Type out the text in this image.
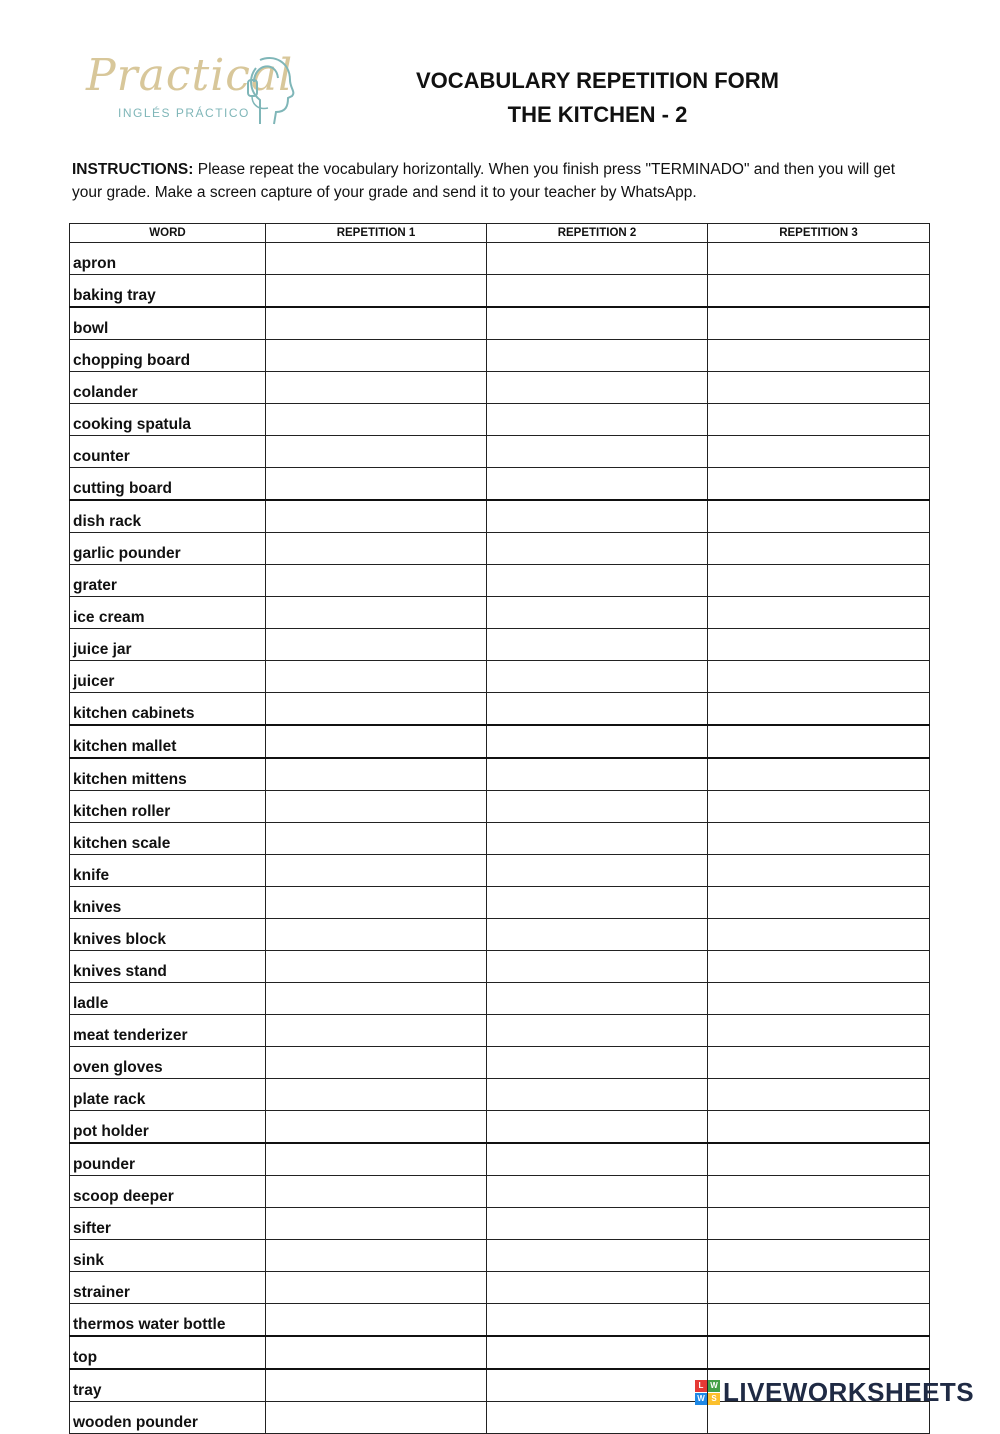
Practical
INGLÉS PRÁCTICO
VOCABULARY REPETITION FORM
THE KITCHEN - 2
INSTRUCTIONS: Please repeat the vocabulary horizontally. When you finish press "TERMINADO" and then you will get your grade. Make a screen capture of your grade and send it to your teacher by WhatsApp.
WORD	REPETITION 1	REPETITION 2	REPETITION 3
apron			
baking tray			
bowl			
chopping board			
colander			
cooking spatula			
counter			
cutting board			
dish rack			
garlic pounder			
grater			
ice cream			
juice jar			
juicer			
kitchen cabinets			
kitchen mallet			
kitchen mittens			
kitchen roller			
kitchen scale			
knife			
knives			
knives block			
knives stand			
ladle			
meat tenderizer			
oven gloves			
plate rack			
pot holder			
pounder			
scoop deeper			
sifter			
sink			
strainer			
thermos water bottle			
top			
tray			
wooden pounder			
L W
W S LIVEWORKSHEETS
